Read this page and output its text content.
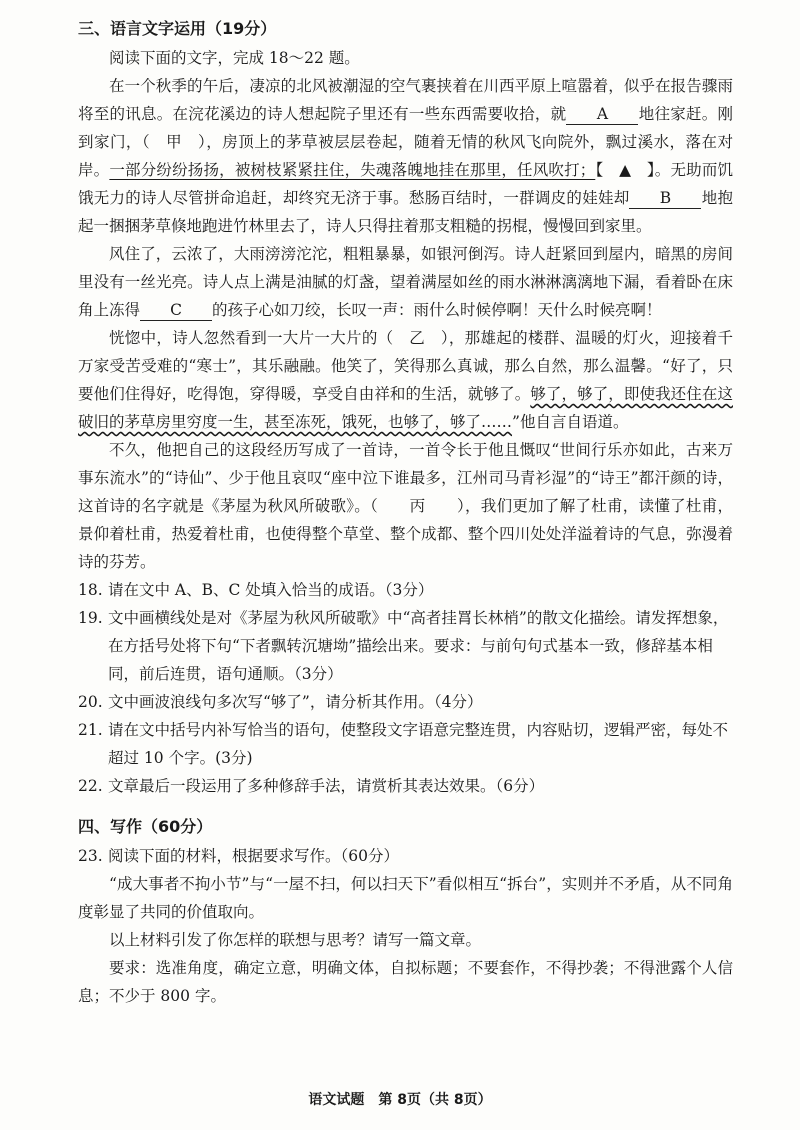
三、语言文字运用（19分）

阅读下面的文字，完成 18～22 题。

在一个秋季的午后，凄凉的北风被潮湿的空气裹挟着在川西平原上喧嚣着，似乎在报告骤雨将至的讯息。在浣花溪边的诗人想起院子里还有一些东西需要收拾，就 A 地往家赶。刚到家门，（　甲　），房顶上的茅草被层层卷起，随着无情的秋风飞向院外，飘过溪水，落在对岸。一部分纷纷扬扬，被树枝紧紧拄住，失魂落魄地挂在那里，任风吹打；【　▲　】。无助而饥饿无力的诗人尽管拼命追赶，却终究无济于事。愁肠百结时，一群调皮的娃娃却 B 地抱起一捆捆茅草倏地跑进竹林里去了，诗人只得拄着那支粗糙的拐棍，慢慢回到家里。

风住了，云浓了，大雨滂滂沱沱，粗粗暴暴，如银河倒泻。诗人赶紧回到屋内，暗黑的房间里没有一丝光亮。诗人点上满是油腻的灯盏，望着满屋如丝的雨水淋淋漓漓地下漏，看着卧在床角上冻得 C 的孩子心如刀绞，长叹一声：雨什么时候停啊！天什么时候亮啊！

恍惚中，诗人忽然看到一大片一大片的（　乙　），那雄起的楼群、温暖的灯火，迎接着千万家受苦受难的“寒士”，其乐融融。他笑了，笑得那么真诚，那么自然，那么温馨。“好了，只要他们住得好，吃得饱，穿得暖，享受自由祥和的生活，就够了。够了，够了，即使我还住在这破旧的茅草房里穷度一生，甚至冻死，饿死，也够了，够了……”他自言自语道。

不久，他把自己的这段经历写成了一首诗，一首令长于他且慨叹“世间行乐亦如此，古来万事东流水”的“诗仙”、少于他且哀叹“座中泣下谁最多，江州司马青衫湿”的“诗王”都汗颜的诗，这首诗的名字就是《茅屋为秋风所破歌》。（　　丙　　），我们更加了解了杜甫，读懂了杜甫，景仰着杜甫，热爱着杜甫，也使得整个草堂、整个成都、整个四川处处洋溢着诗的气息，弥漫着诗的芬芳。

18. 请在文中 A、B、C 处填入恰当的成语。（3分）
19. 文中画横线处是对《茅屋为秋风所破歌》中“高者挂罥长林梢”的散文化描绘。请发挥想象，在方括号处将下句“下者飘转沉塘坳”描绘出来。要求：与前句句式基本一致，修辞基本相同，前后连贯，语句通顺。（3分）
20. 文中画波浪线句多次写“够了”，请分析其作用。（4分）
21. 请在文中括号内补写恰当的语句，使整段文字语意完整连贯，内容贴切，逻辑严密，每处不超过 10 个字。(3分)
22. 文章最后一段运用了多种修辞手法，请赏析其表达效果。（6分）
四、写作（60分）
23. 阅读下面的材料，根据要求写作。（60分）

“成大事者不拘小节”与“一屋不扫，何以扫天下”看似相互“拆台”，实则并不矛盾，从不同角度彰显了共同的价值取向。

以上材料引发了你怎样的联想与思考？请写一篇文章。

要求：选准角度，确定立意，明确文体，自拟标题；不要套作，不得抄袭；不得泄露个人信息；不少于 800 字。

语文试题　第 8页（共 8页）
